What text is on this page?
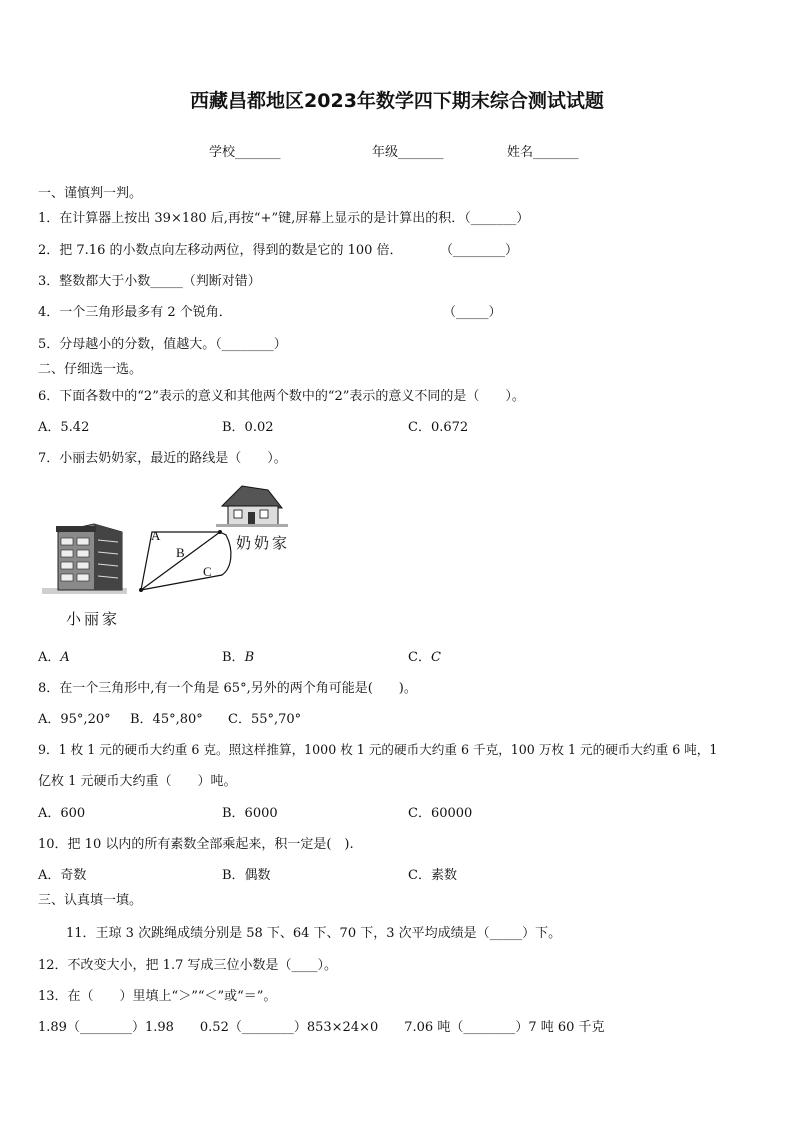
西藏昌都地区2023年数学四下期末综合测试试题
学校_______	年级_______	姓名_______
一、谨慎判一判。
1．在计算器上按出 39×180 后,再按“+”键,屏幕上显示的是计算出的积．（_______）
2．把 7.16 的小数点向左移动两位，得到的数是它的 100 倍．	（________）
3．整数都大于小数_____（判断对错）
4．一个三角形最多有 2 个锐角．	（_____）
5．分母越小的分数，值越大。（________）
二、仔细选一选。
6．下面各数中的“2”表示的意义和其他两个数中的“2”表示的意义不同的是（　　）。
A．5.42	B．0.02	C．0.672
7．小丽去奶奶家，最近的路线是（　　）。
A
B
C
奶奶家
小丽家
A．A	B．B	C．C
8．在一个三角形中,有一个角是 65°,另外的两个角可能是(　　)。
A．95°,20° B．45°,80° C．55°,70°
9．1 枚 1 元的硬币大约重 6 克。照这样推算，1000 枚 1 元的硬币大约重 6 千克，100 万枚 1 元的硬币大约重 6 吨，1
亿枚 1 元硬币大约重（　　）吨。
A．600	B．6000	C．60000
10．把 10 以内的所有素数全部乘起来，积一定是(　).
A．奇数	B．偶数	C．素数
三、认真填一填。
11．王琼 3 次跳绳成绩分别是 58 下、64 下、70 下，3 次平均成绩是（_____）下。
12．不改变大小，把 1.7 写成三位小数是（____）。
13．在（　　）里填上“＞”“＜”或“＝”。
1.89（________）1.98　　0.52（________）853×24×0　　7.06 吨（________）7 吨 60 千克
